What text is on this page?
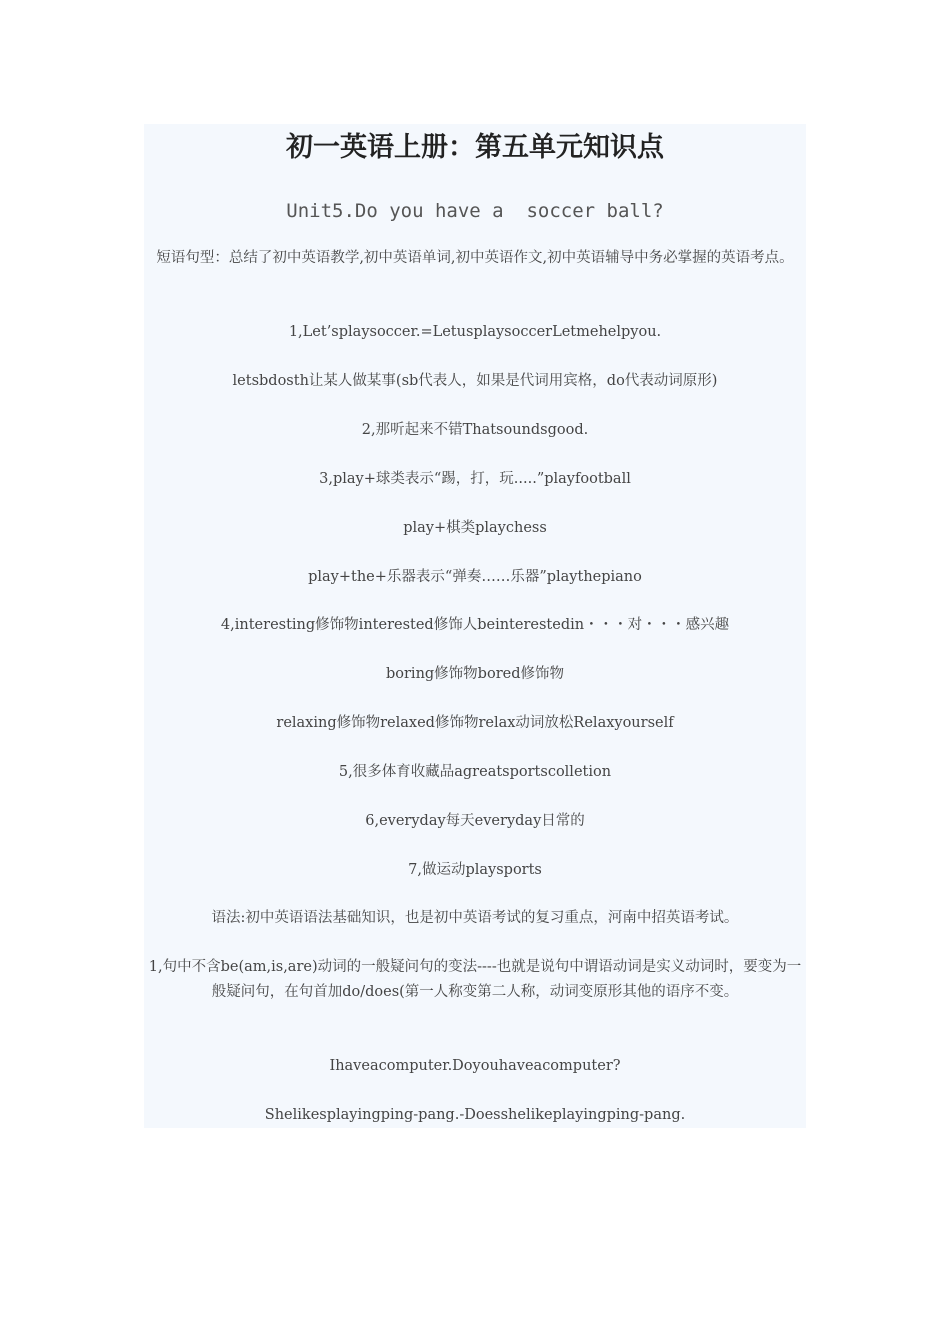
初一英语上册：第五单元知识点

Unit5.Do you have a  soccer ball?

短语句型：总结了初中英语教学,初中英语单词,初中英语作文,初中英语辅导中务必掌握的英语考点。

1,Let’splaysoccer.=LetusplaysoccerLetmehelpyou.

letsbdosth让某人做某事(sb代表人，如果是代词用宾格，do代表动词原形)

2,那听起来不错Thatsoundsgood.

3,play+球类表示“踢，打，玩.....”playfootball

play+棋类playchess

play+the+乐器表示“弹奏……乐器”playthepiano

4,interesting修饰物interested修饰人beinterestedin・・・对・・・感兴趣

boring修饰物bored修饰物

relaxing修饰物relaxed修饰物relax动词放松Relaxyourself

5,很多体育收藏品agreatsportscolletion

6,everyday每天everyday日常的

7,做运动playsports

语法:初中英语语法基础知识，也是初中英语考试的复习重点，河南中招英语考试。

1,句中不含be(am,is,are)动词的一般疑问句的变法----也就是说句中谓语动词是实义动词时，要变为一般疑问句，在句首加do/does(第一人称变第二人称，动词变原形其他的语序不变。

Ihaveacomputer.Doyouhaveacomputer?

Shelikesplayingping-pang.-Doesshelikeplayingping-pang.
